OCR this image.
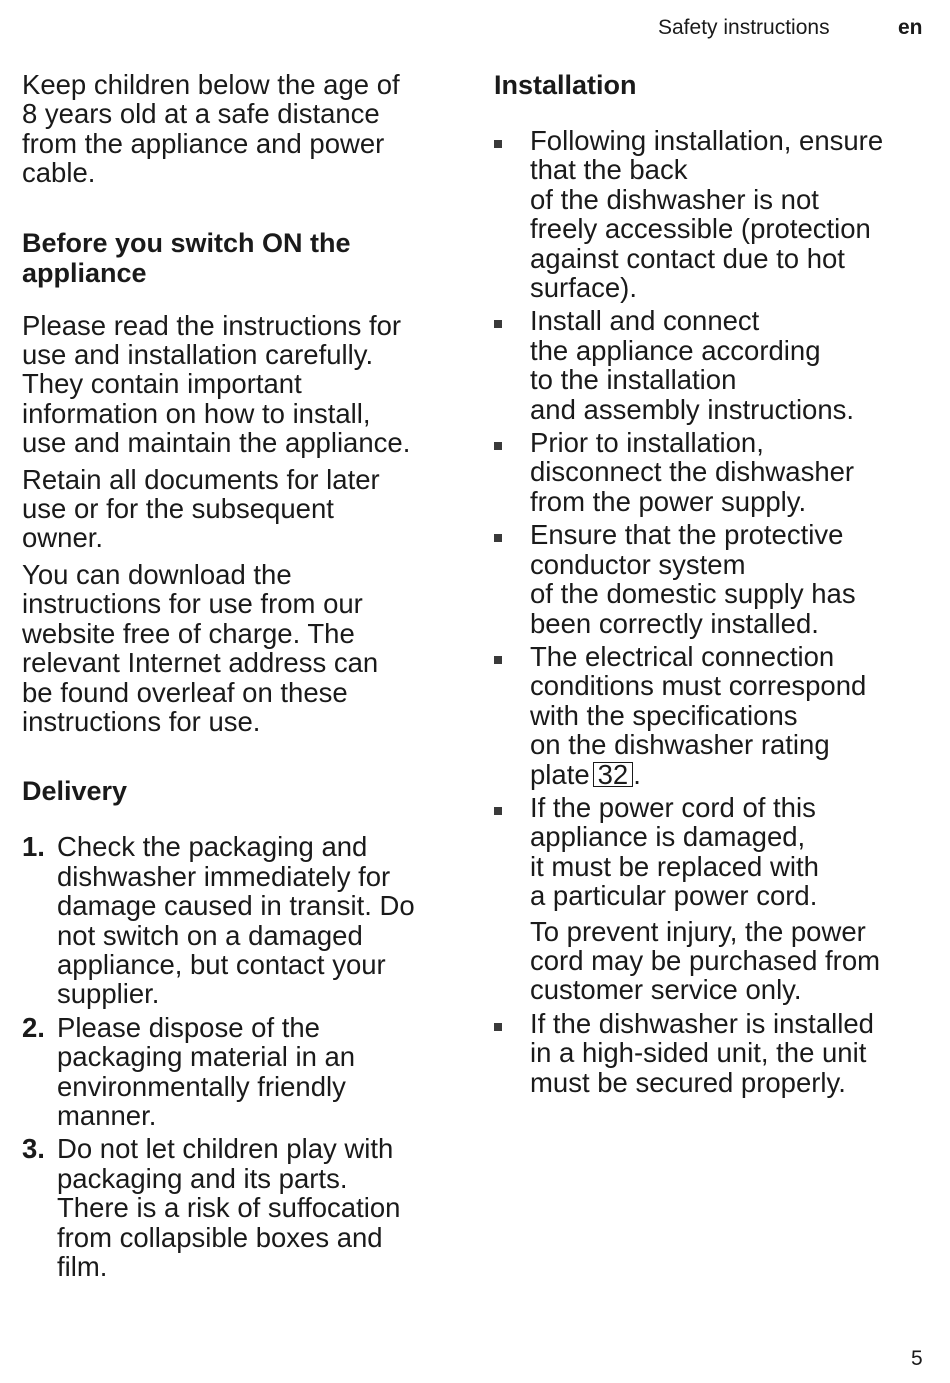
Safety instructions	en

Keep children below the age of
8 years old at a safe distance
from the appliance and power
cable.

Before you switch ON the
appliance

Please read the instructions for
use and installation carefully.
They contain important
information on how to install,
use and maintain the appliance.

Retain all documents for later
use or for the subsequent
owner.

You can download the
instructions for use from our
website free of charge. The
relevant Internet address can
be found overleaf on these
instructions for use.

Delivery
1. Check the packaging and
dishwasher immediately for
damage caused in transit. Do
not switch on a damaged
appliance, but contact your
supplier.
2. Please dispose of the
packaging material in an
environmentally friendly
manner.
3. Do not let children play with
packaging and its parts.
There is a risk of suffocation
from collapsible boxes and
film.
Installation
Following installation, ensure
that the back
of the dishwasher is not
freely accessible (protection
against contact due to hot
surface).
Install and connect
the appliance according
to the installation
and assembly instructions.
Prior to installation,
disconnect the dishwasher
from the power supply.
Ensure that the protective
conductor system
of the domestic supply has
been correctly installed.
The electrical connection
conditions must correspond
with the specifications
on the dishwasher rating
plate 32 .
If the power cord of this
appliance is damaged,
it must be replaced with
a particular power cord.
To prevent injury, the power
cord may be purchased from
customer service only.
If the dishwasher is installed
in a high-sided unit, the unit
must be secured properly.
5
